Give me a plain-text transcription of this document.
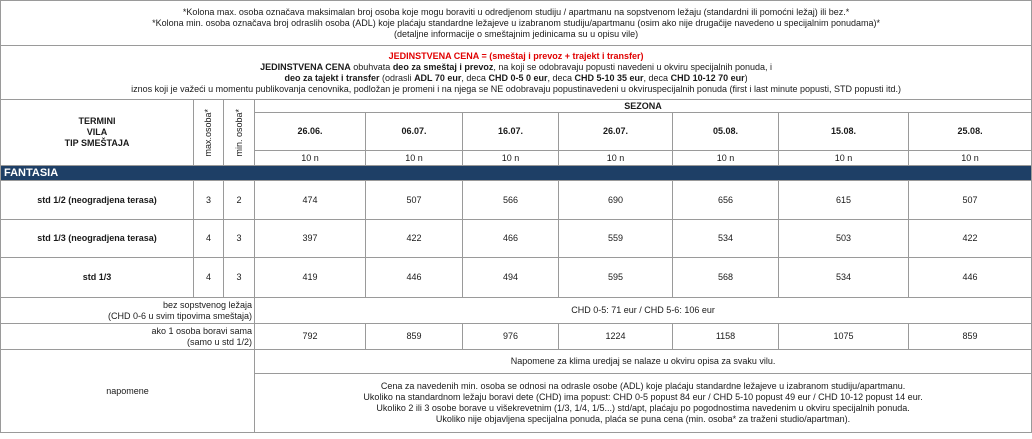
*Kolona max. osoba označava maksimalan broj osoba koje mogu boraviti u odredjenom studiju / apartmanu na sopstvenom ležaju (standardni ili pomoćni ležaj) ili bez.*
*Kolona min. osoba označava broj odraslih osoba (ADL) koje plaćaju standardne ležajeve u izabranom studiju/apartmanu (osim ako nije drugačije navedeno u specijalnim ponudama)*
(detaljne informacije o smeštajnim jedinicama su u opisu vile)									

JEDINSTVENA CENA = (smeštaj i prevoz + trajekt i transfer)
JEDINSTVENA CENA obuhvata deo za smeštaj i prevoz, na koji se odobravaju popusti navedeni u okviru specijalnih ponuda, i
deo za tajekt i transfer (odrasli ADL 70 eur, deca CHD 0-5 0 eur, deca CHD 5-10 35 eur, deca CHD 10-12 70 eur)
iznos koji je važeći u momentu publikovanja cenovnika, podložan je promeni i na njega se NE odobravaju popustinavedeni u okviruspecijalnih ponuda (first i last minute popusti, STD popusti itd.)									

TERMINI
VILA
TIP SMEŠTAJA	max.osoba*	min. osoba*	SEZONA						
			26.06.	06.07.	16.07.	26.07.	05.08.	15.08.	25.08.
			10 n	10 n	10 n	10 n	10 n	10 n	10 n
FANTASIA									
std 1/2 (neogradjena terasa)	3	2	474	507	566	690	656	615	507
std 1/3 (neogradjena terasa)	4	3	397	422	466	559	534	503	422
std 1/3	4	3	419	446	494	595	568	534	446

bez sopstvenog ležaja
(CHD 0-6 u svim tipovima smeštaja)			CHD 0-5: 71 eur / CHD 5-6: 106 eur						

ako 1 osoba boravi sama
(samo u std 1/2)			792	859	976	1224	1158	1075	859
napomene			Napomene za klima uredjaj se nalaze u okviru opisa za svaku vilu.						

			Cena za navedenih min. osoba se odnosi na odrasle osobe (ADL) koje plaćaju standardne ležajeve u izabranom studiju/apartmanu.
Ukoliko na standardnom ležaju boravi dete (CHD) ima popust: CHD 0-5 popust 84 eur / CHD 5-10 popust 49 eur / CHD 10-12 popust 14 eur.
Ukoliko 2 ili 3 osobe borave u višekrevetnim (1/3, 1/4, 1/5...) std/apt, plaćaju po pogodnostima navedenim u okviru specijalnih ponuda.
Ukoliko nije objavljena specijalna ponuda, plaća se puna cena (min. osoba* za traženi studio/apartman).						
